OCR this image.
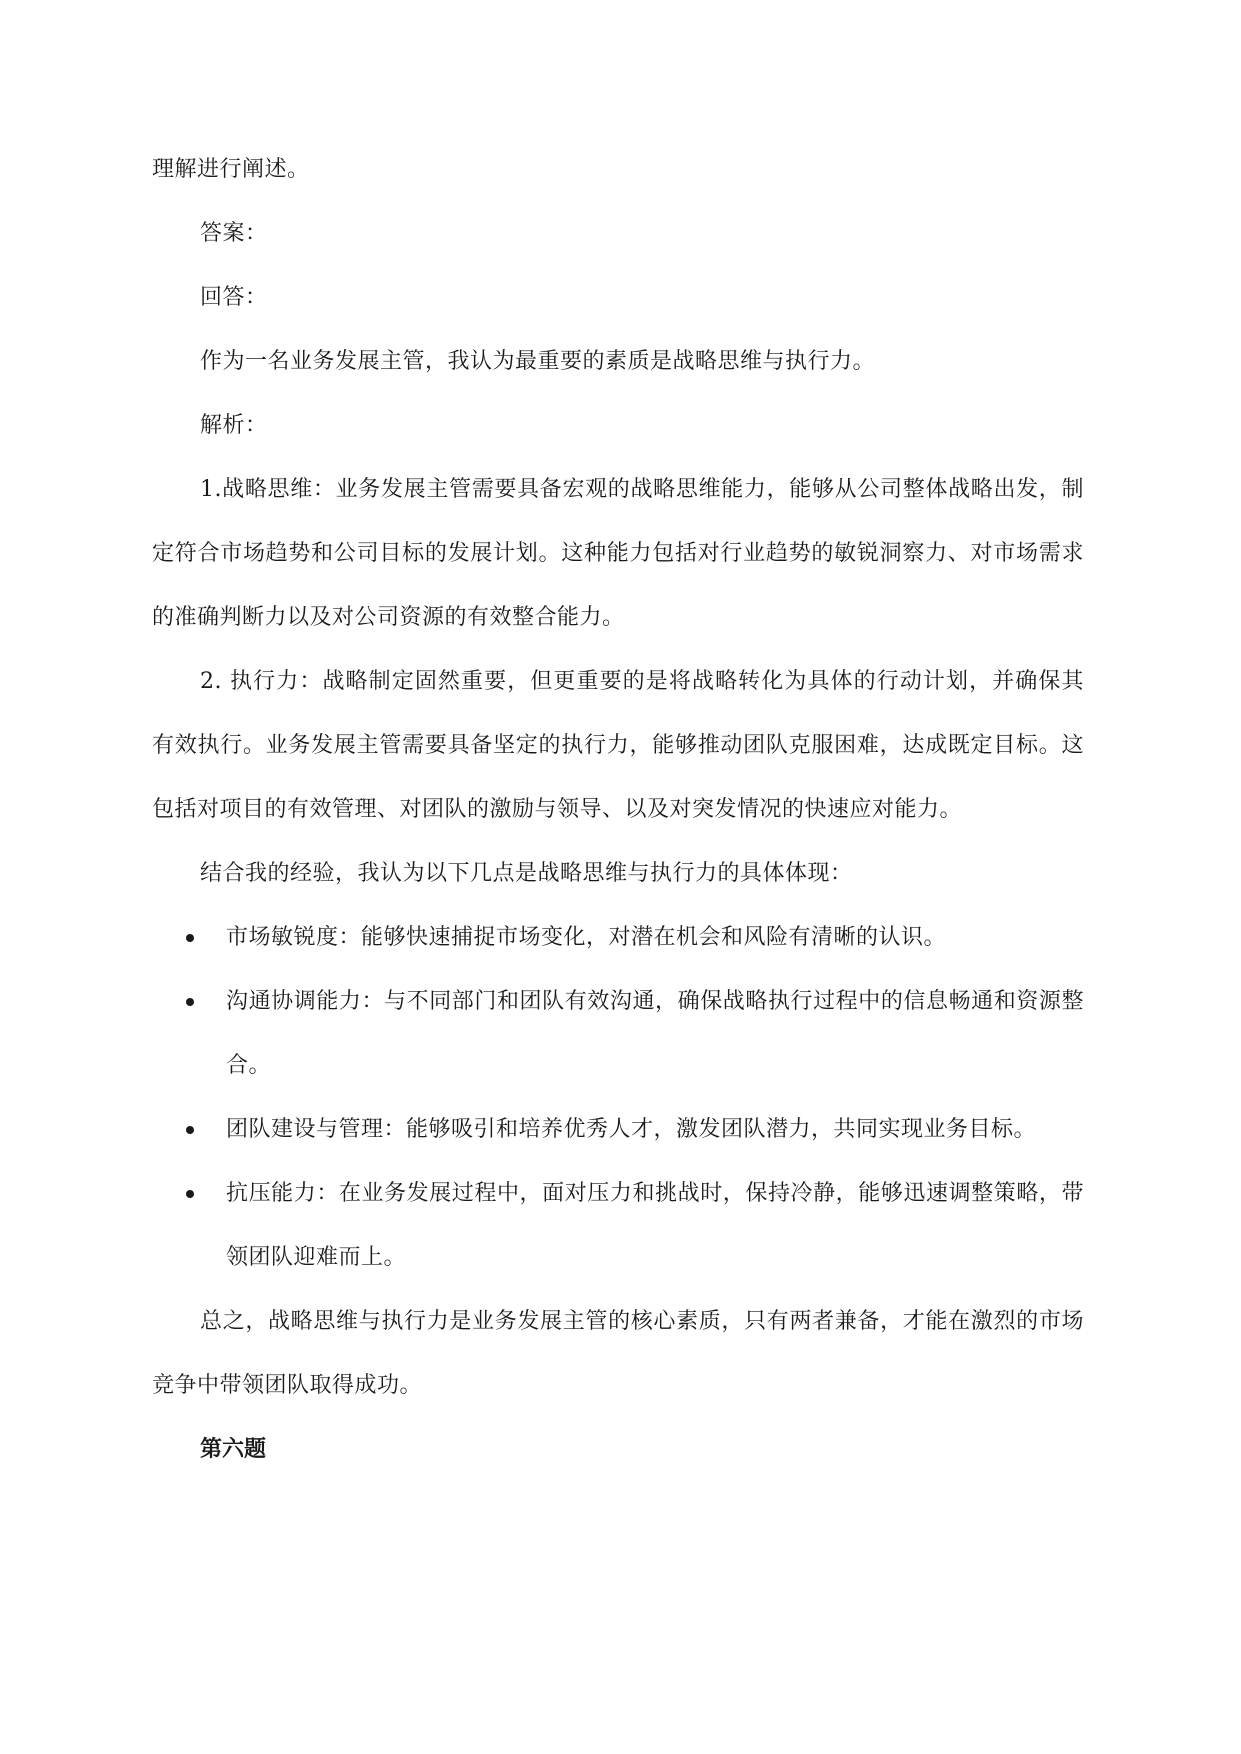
理解进行阐述。

答案：

回答：

作为一名业务发展主管，我认为最重要的素质是战略思维与执行力。

解析：

1.战略思维：业务发展主管需要具备宏观的战略思维能力，能够从公司整体战略出发，制定符合市场趋势和公司目标的发展计划。这种能力包括对行业趋势的敏锐洞察力、对市场需求的准确判断力以及对公司资源的有效整合能力。

2. 执行力：战略制定固然重要，但更重要的是将战略转化为具体的行动计划，并确保其有效执行。业务发展主管需要具备坚定的执行力，能够推动团队克服困难，达成既定目标。这包括对项目的有效管理、对团队的激励与领导、以及对突发情况的快速应对能力。

结合我的经验，我认为以下几点是战略思维与执行力的具体体现：

市场敏锐度：能够快速捕捉市场变化，对潜在机会和风险有清晰的认识。
沟通协调能力：与不同部门和团队有效沟通，确保战略执行过程中的信息畅通和资源整合。
团队建设与管理：能够吸引和培养优秀人才，激发团队潜力，共同实现业务目标。
抗压能力：在业务发展过程中，面对压力和挑战时，保持冷静，能够迅速调整策略，带领团队迎难而上。

总之，战略思维与执行力是业务发展主管的核心素质，只有两者兼备，才能在激烈的市场竞争中带领团队取得成功。

第六题
